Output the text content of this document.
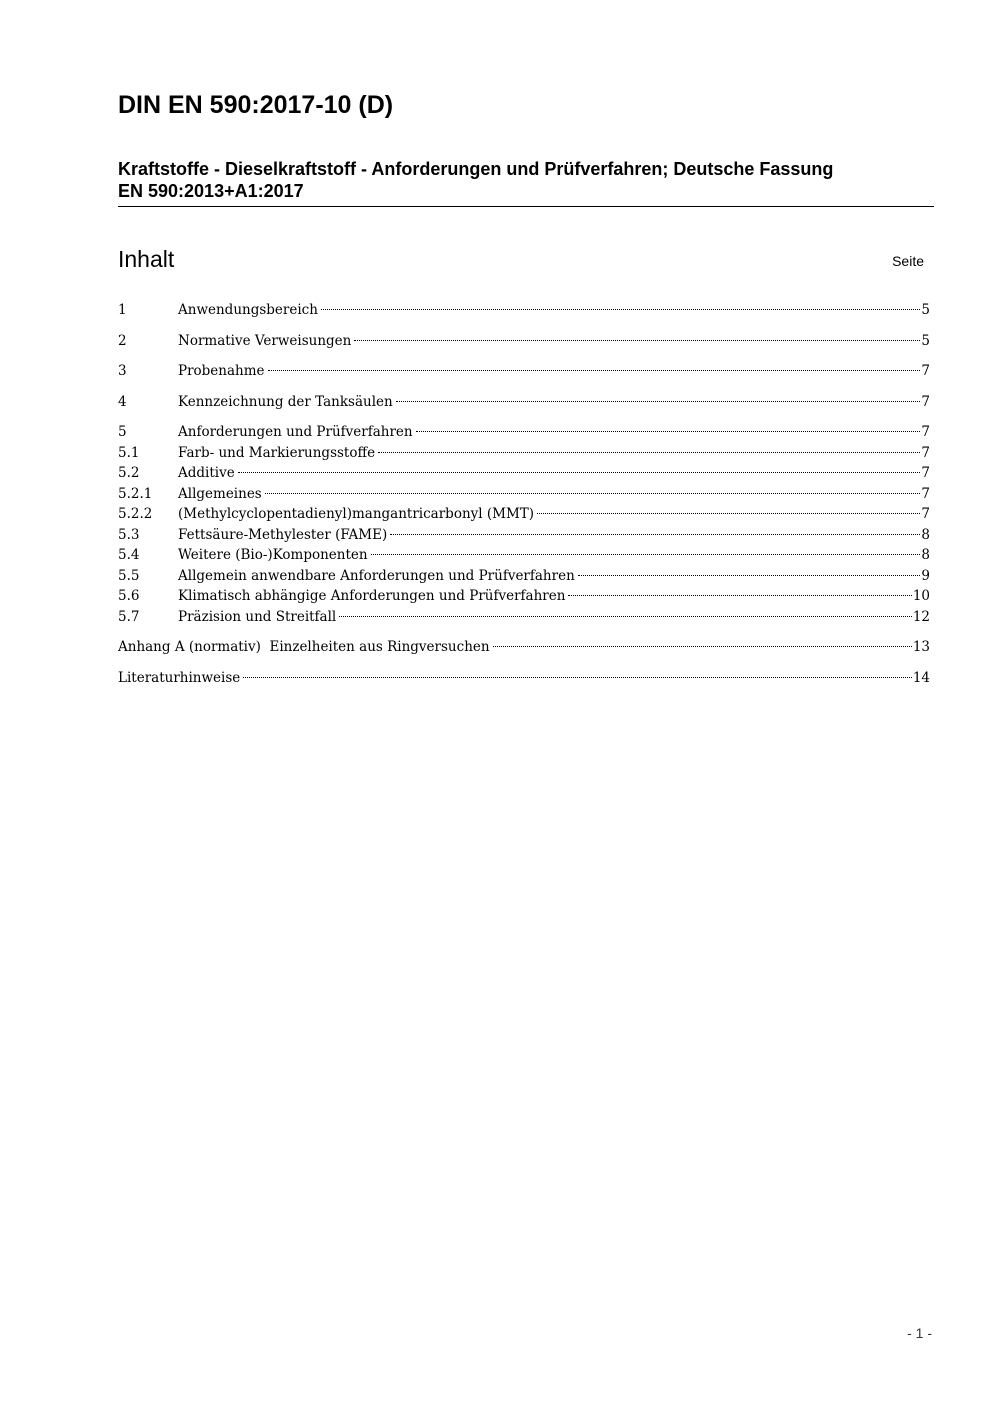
DIN EN 590:2017-10 (D)
Kraftstoffe - Dieselkraftstoff - Anforderungen und Prüfverfahren; Deutsche Fassung
EN 590:2013+A1:2017
Inhalt	Seite
1	Anwendungsbereich	5
2	Normative Verweisungen	5
3	Probenahme	7
4	Kennzeichnung der Tanksäulen	7
5	Anforderungen und Prüfverfahren	7
5.1	Farb- und Markierungsstoffe	7
5.2	Additive	7
5.2.1	Allgemeines	7
5.2.2	(Methylcyclopentadienyl)mangantricarbonyl (MMT)	7
5.3	Fettsäure-Methylester (FAME)	8
5.4	Weitere (Bio-)Komponenten	8
5.5	Allgemein anwendbare Anforderungen und Prüfverfahren	9
5.6	Klimatisch abhängige Anforderungen und Prüfverfahren	10
5.7	Präzision und Streitfall	12
Anhang A (normativ)  Einzelheiten aus Ringversuchen	13
Literaturhinweise	14
- 1 -
